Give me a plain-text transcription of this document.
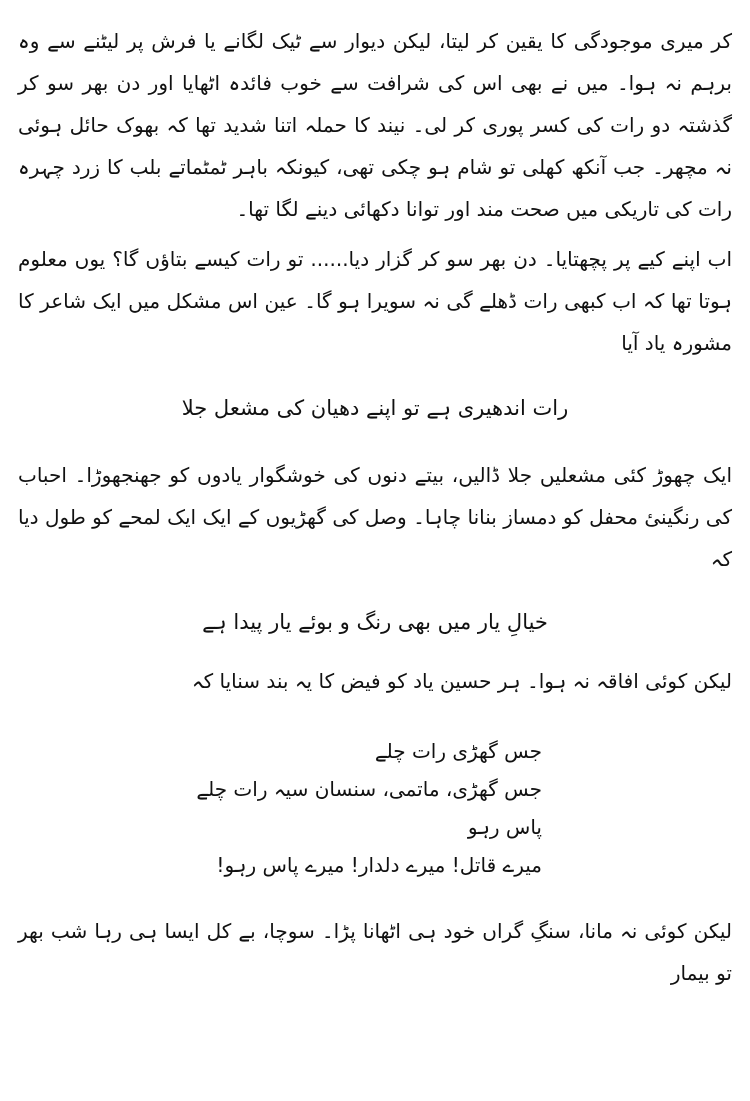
کر میری موجودگی کا یقین کر لیتا، لیکن دیوار سے ٹیک لگانے یا فرش پر لیٹنے سے وہ برہم نہ ہوا۔ میں نے بھی اس کی شرافت سے خوب فائدہ اٹھایا اور دن بھر سو کر گذشتہ دو رات کی کسر پوری کر لی۔ نیند کا حملہ اتنا شدید تھا کہ بھوک حائل ہوئی نہ مچھر۔ جب آنکھ کھلی تو شام ہو چکی تھی، کیونکہ باہر ٹمٹماتے بلب کا زرد چہرہ رات کی تاریکی میں صحت مند اور توانا دکھائی دینے لگا تھا۔

اب اپنے کیے پر پچھتایا۔ دن بھر سو کر گزار دیا...... تو رات کیسے بتاؤں گا؟ یوں معلوم ہوتا تھا کہ اب کبھی رات ڈھلے گی نہ سویرا ہو گا۔ عین اس مشکل میں ایک شاعر کا مشورہ یاد آیا

رات اندھیری ہے تو اپنے دھیان کی مشعل جلا

ایک چھوڑ کئی مشعلیں جلا ڈالیں، بیتے دنوں کی خوشگوار یادوں کو جھنجھوڑا۔ احباب کی رنگینیٔ محفل کو دمساز بنانا چاہا۔ وصل کی گھڑیوں کے ایک ایک لمحے کو طول دیا کہ

خیالِ یار میں بھی رنگ و بوئے یار پیدا ہے

لیکن کوئی افاقہ نہ ہوا۔ ہر حسین یاد کو فیض کا یہ بند سنایا کہ

جس گھڑی رات چلے
جس گھڑی، ماتمی، سنسان سیہ رات چلے
پاس رہو
میرے قاتل! میرے دلدار! میرے پاس رہو!

لیکن کوئی نہ مانا، سنگِ گراں خود ہی اٹھانا پڑا۔ سوچا، بے کل ایسا ہی رہا شب بھر تو بیمار
